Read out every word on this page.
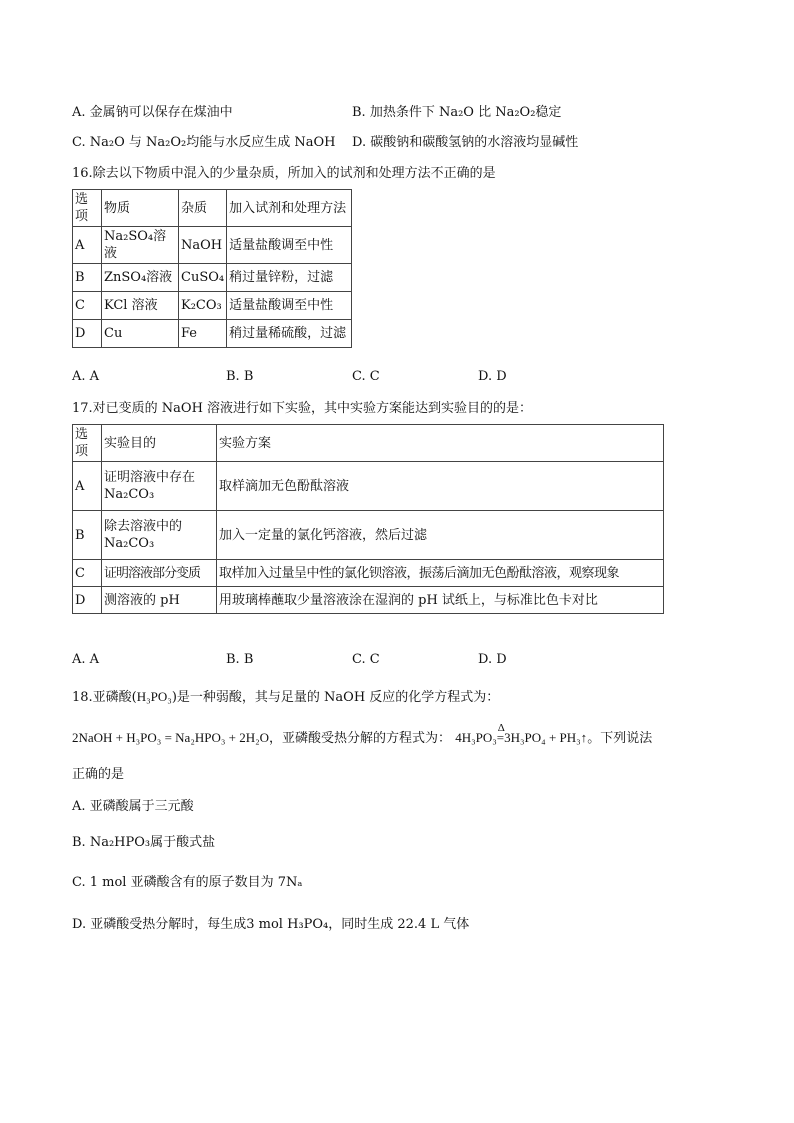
A. 金属钠可以保存在煤油中	B. 加热条件下 Na₂O 比 Na₂O₂稳定
C. Na₂O 与 Na₂O₂均能与水反应生成 NaOH D. 碳酸钠和碳酸氢钠的水溶液均显碱性
16.除去以下物质中混入的少量杂质，所加入的试剂和处理方法不正确的是
选项	物质	杂质	加入试剂和处理方法
A	Na₂SO₄溶液	NaOH	适量盐酸调至中性
B	ZnSO₄溶液	CuSO₄	稍过量锌粉，过滤
C	KCl 溶液	K₂CO₃	适量盐酸调至中性
D	Cu	Fe	稍过量稀硫酸，过滤
A. A	B. B	C. C	D. D
17.对已变质的 NaOH 溶液进行如下实验，其中实验方案能达到实验目的的是：
选项	实验目的	实验方案
A	证明溶液中存在 Na₂CO₃	取样滴加无色酚酞溶液
B	除去溶液中的 Na₂CO₃	加入一定量的氯化钙溶液，然后过滤
C	证明溶液部分变质	取样加入过量呈中性的氯化钡溶液，振荡后滴加无色酚酞溶液，观察现象
D	测溶液的 pH	用玻璃棒蘸取少量溶液涂在湿润的 pH 试纸上，与标准比色卡对比
A. A	B. B	C. C	D. D
18.亚磷酸(H₃PO₃)是一种弱酸，其与足量的 NaOH 反应的化学方程式为：
2NaOH + H₃PO₃ = Na₂HPO₃ + 2H₂O，亚磷酸受热分解的方程式为： 4H₃PO₃
Δ
=3H₃PO₄ + PH₃↑。下列说法
正确的是
A. 亚磷酸属于三元酸
B. Na₂HPO₃属于酸式盐
C. 1 mol 亚磷酸含有的原子数目为 7Nₐ
D. 亚磷酸受热分解时，每生成3 mol H₃PO₄，同时生成 22.4 L 气体
